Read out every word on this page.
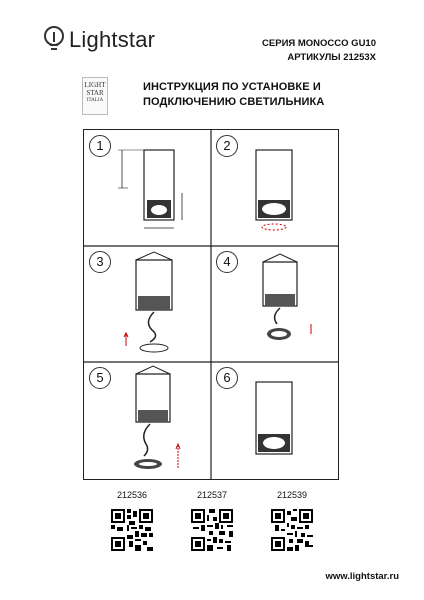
Lightstar	СЕРИЯ MONOCCO GU10
АРТИКУЛЫ 21253X
LIGHT
STAR
ITALIA
ИНСТРУКЦИЯ ПО УСТАНОВКЕ И
ПОДКЛЮЧЕНИЮ СВЕТИЛЬНИКА
1	2
3	4
5	6
212536	212537	212539
www.lightstar.ru
